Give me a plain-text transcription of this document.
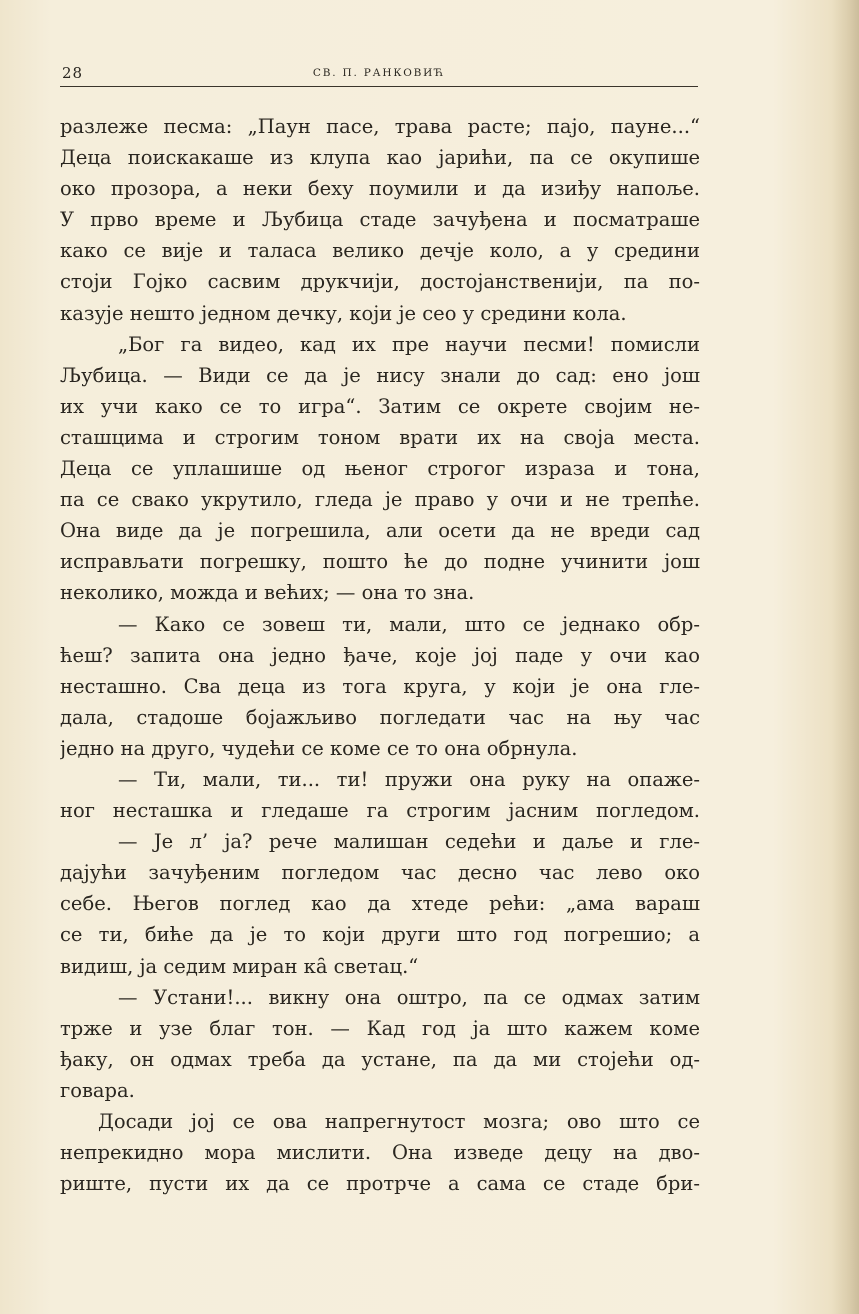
28	СВ. П. РАНКОВИЋ
разлеже песма: „Паун пасе, трава расте; пајо, пауне...“
Деца поискакаше из клупа као јарићи, па се окупише
око прозора, а неки беху поумили и да изиђу напоље.
У прво време и Љубица стаде зачуђена и посматраше
како се вије и таласа велико дечје коло, а у средини
стоји Гојко сасвим друкчији, достојанственији, па по-
казује нешто једном дечку, који је сео у средини кола.
„Бог га видео, кад их пре научи песми! помисли
Љубица. — Види се да је нису знали до сад: ено још
их учи како се то игра“. Затим се окрете својим не-
сташцима и строгим тоном врати их на своја места.
Деца се уплашише од њеног строгог израза и тона,
па се свако укрутило, гледа је право у очи и не трепће.
Она виде да је погрешила, али осети да не вреди сад
исправљати погрешку, пошто ће до подне учинити још
неколико, можда и већих; — она то зна.
— Како се зовеш ти, мали, што се једнако обр-
ћеш? запита она једно ђаче, које јој паде у очи као
несташно. Сва деца из тога круга, у који је она гле-
дала, стадоше бојажљиво погледати час на њу час
једно на друго, чудећи се коме се то она обрнула.
— Ти, мали, ти... ти! пружи она руку на опаже-
ног несташка и гледаше га строгим јасним погледом.
— Је л’ ја? рече малишан седећи и даље и гле-
дајући зачуђеним погледом час десно час лево око
себе. Његов поглед као да хтеде рећи: „ама вараш
се ти, биће да је то који други што год погрешио; а
видиш, ја седим миран ка̑ светац.“
— Устани!... викну она оштро, па се одмах затим
трже и узе благ тон. — Кад год ја што кажем коме
ђаку, он одмах треба да устане, па да ми стојећи од-
говара.
Досади јој се ова напрегнутост мозга; ово што се
непрекидно мора мислити. Она изведе децу на дво-
риште, пусти их да се протрче а сама се стаде бри-
